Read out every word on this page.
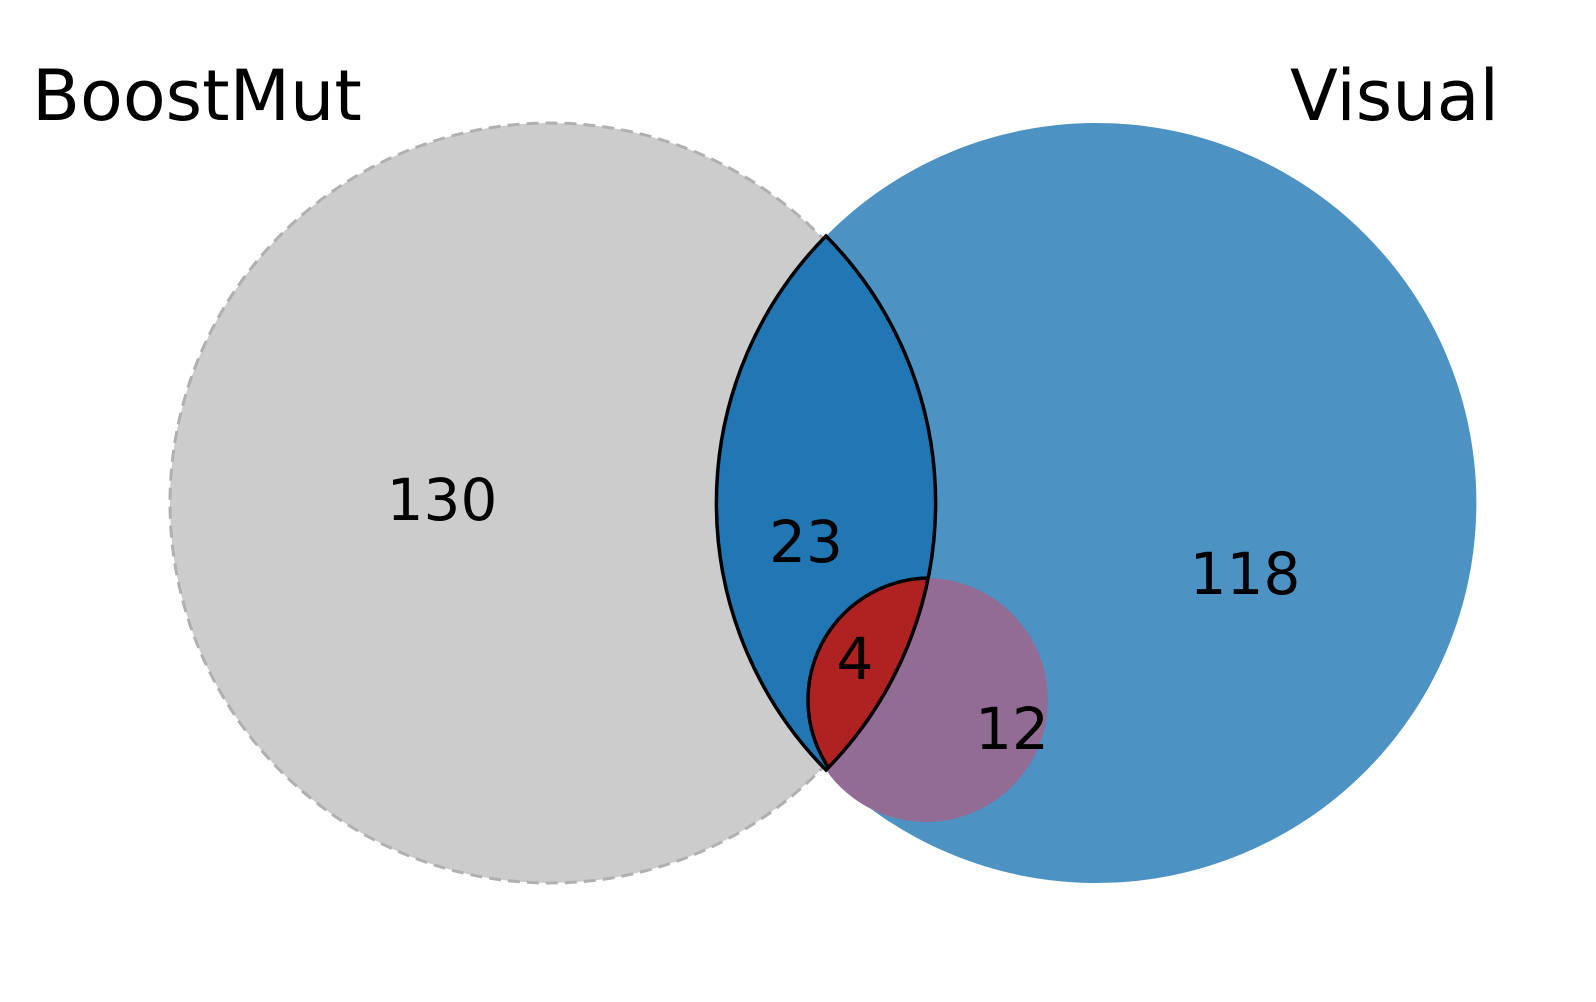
BoostMut	Visual
130
23
4
12
118
